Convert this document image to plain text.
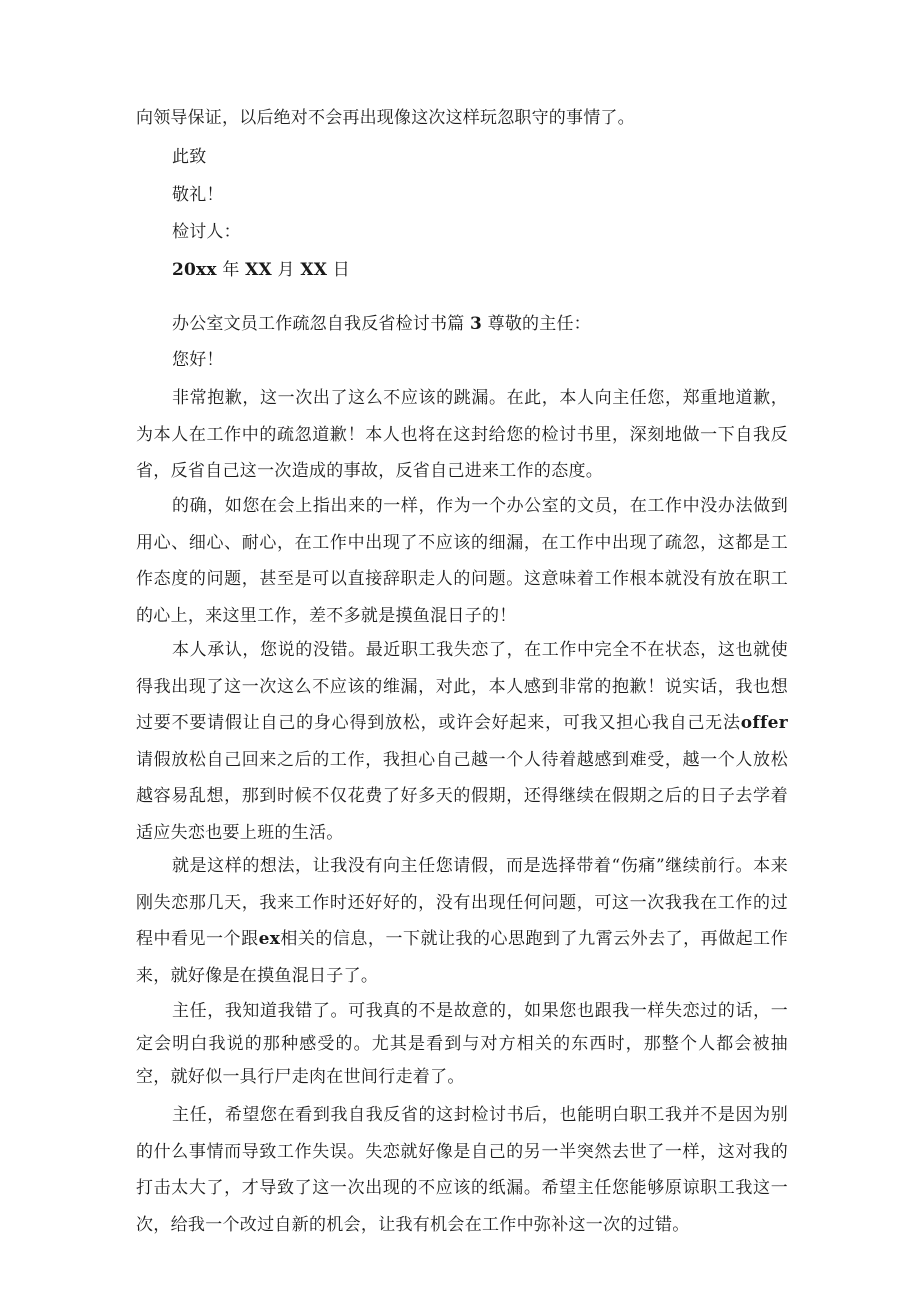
向领导保证，以后绝对不会再出现像这次这样玩忽职守的事情了。
此致
敬礼！
检讨人：
20xx 年 XX 月 XX 日
办公室文员工作疏忽自我反省检讨书篇 3 尊敬的主任：
您好！
非常抱歉，这一次出了这么不应该的跳漏。在此，本人向主任您，郑重地道歉，为本人在工作中的疏忽道歉！本人也将在这封给您的检讨书里，深刻地做一下自我反省，反省自己这一次造成的事故，反省自己进来工作的态度。
的确，如您在会上指出来的一样，作为一个办公室的文员，在工作中没办法做到用心、细心、耐心，在工作中出现了不应该的细漏，在工作中出现了疏忽，这都是工作态度的问题，甚至是可以直接辞职走人的问题。这意味着工作根本就没有放在职工的心上，来这里工作，差不多就是摸鱼混日子的！
本人承认，您说的没错。最近职工我失恋了，在工作中完全不在状态，这也就使得我出现了这一次这么不应该的维漏，对此，本人感到非常的抱歉！说实话，我也想过要不要请假让自己的身心得到放松，或许会好起来，可我又担心我自己无法offer请假放松自己回来之后的工作，我担心自己越一个人待着越感到难受，越一个人放松越容易乱想，那到时候不仅花费了好多天的假期，还得继续在假期之后的日子去学着适应失恋也要上班的生活。
就是这样的想法，让我没有向主任您请假，而是选择带着“伤痛”继续前行。本来刚失恋那几天，我来工作时还好好的，没有出现任何问题，可这一次我我在工作的过程中看见一个跟ex相关的信息，一下就让我的心思跑到了九霄云外去了，再做起工作来，就好像是在摸鱼混日子了。
主任，我知道我错了。可我真的不是故意的，如果您也跟我一样失恋过的话，一定会明白我说的那种感受的。尤其是看到与对方相关的东西时，那整个人都会被抽空，就好似一具行尸走肉在世间行走着了。
主任，希望您在看到我自我反省的这封检讨书后，也能明白职工我并不是因为别的什么事情而导致工作失误。失恋就好像是自己的另一半突然去世了一样，这对我的打击太大了，才导致了这一次出现的不应该的纸漏。希望主任您能够原谅职工我这一次，给我一个改过自新的机会，让我有机会在工作中弥补这一次的过错。
